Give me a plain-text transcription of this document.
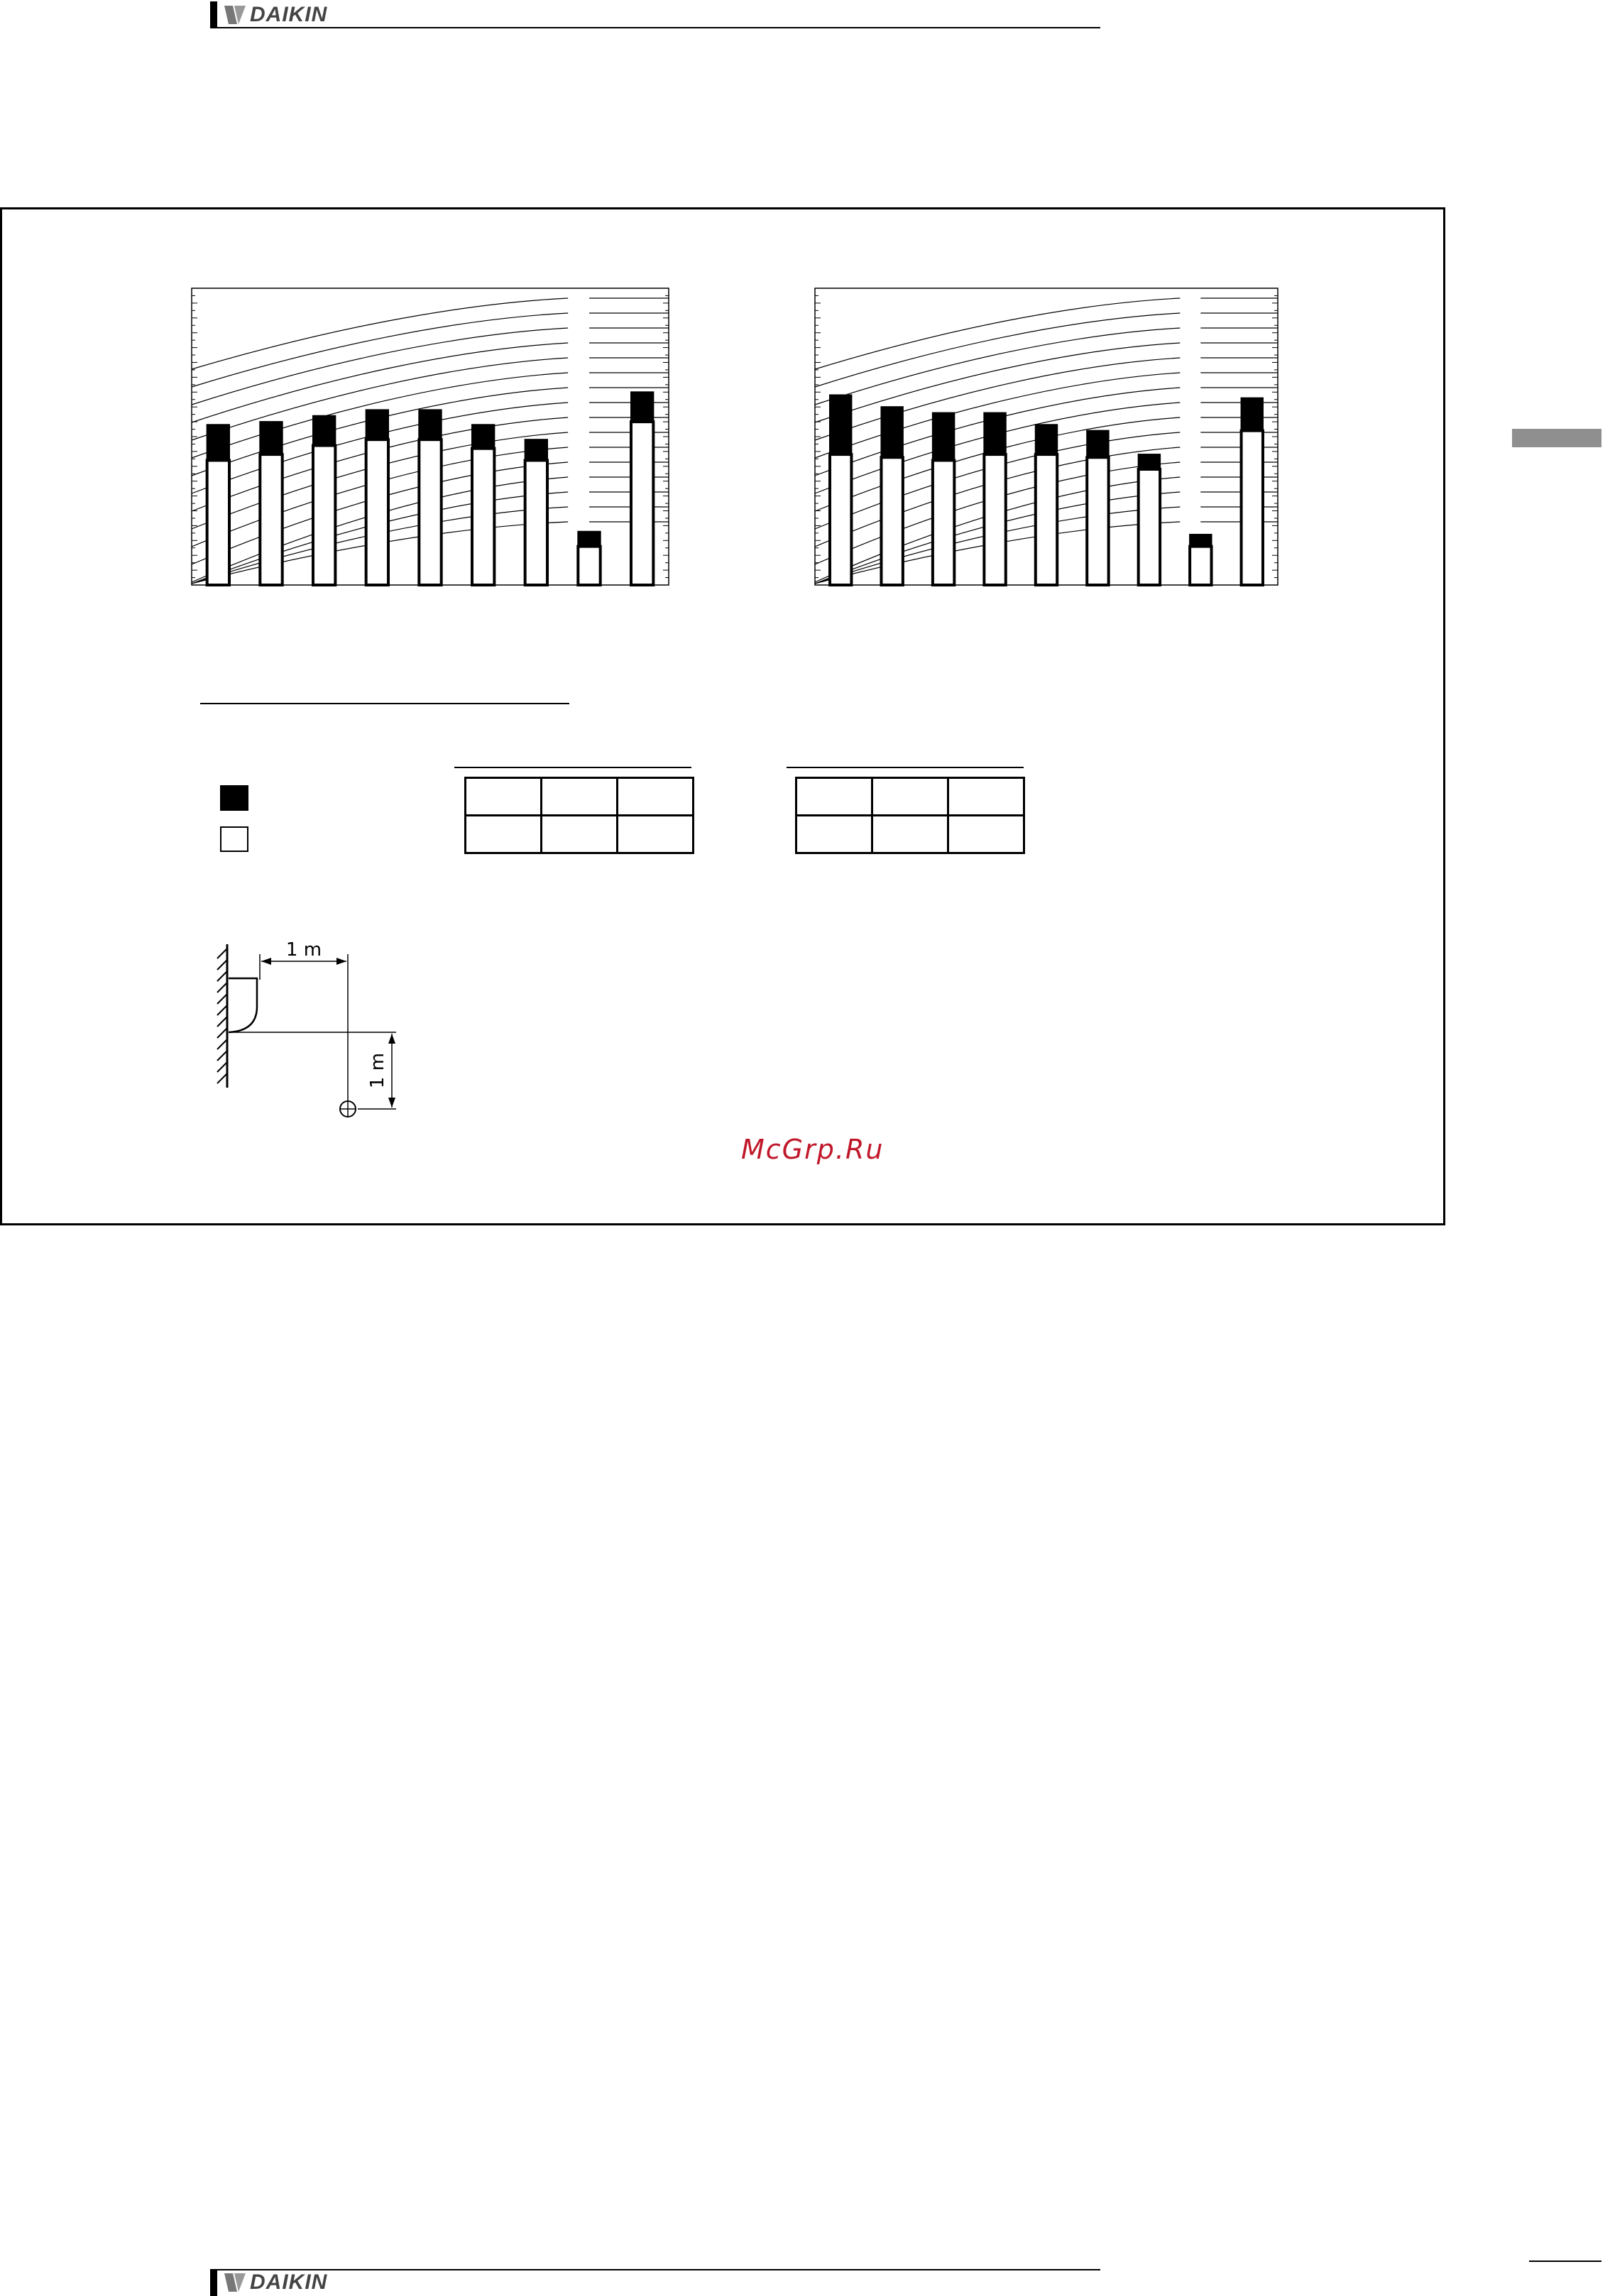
DAIKIN

1 m
1 m
McGrp.Ru
DAIKIN
